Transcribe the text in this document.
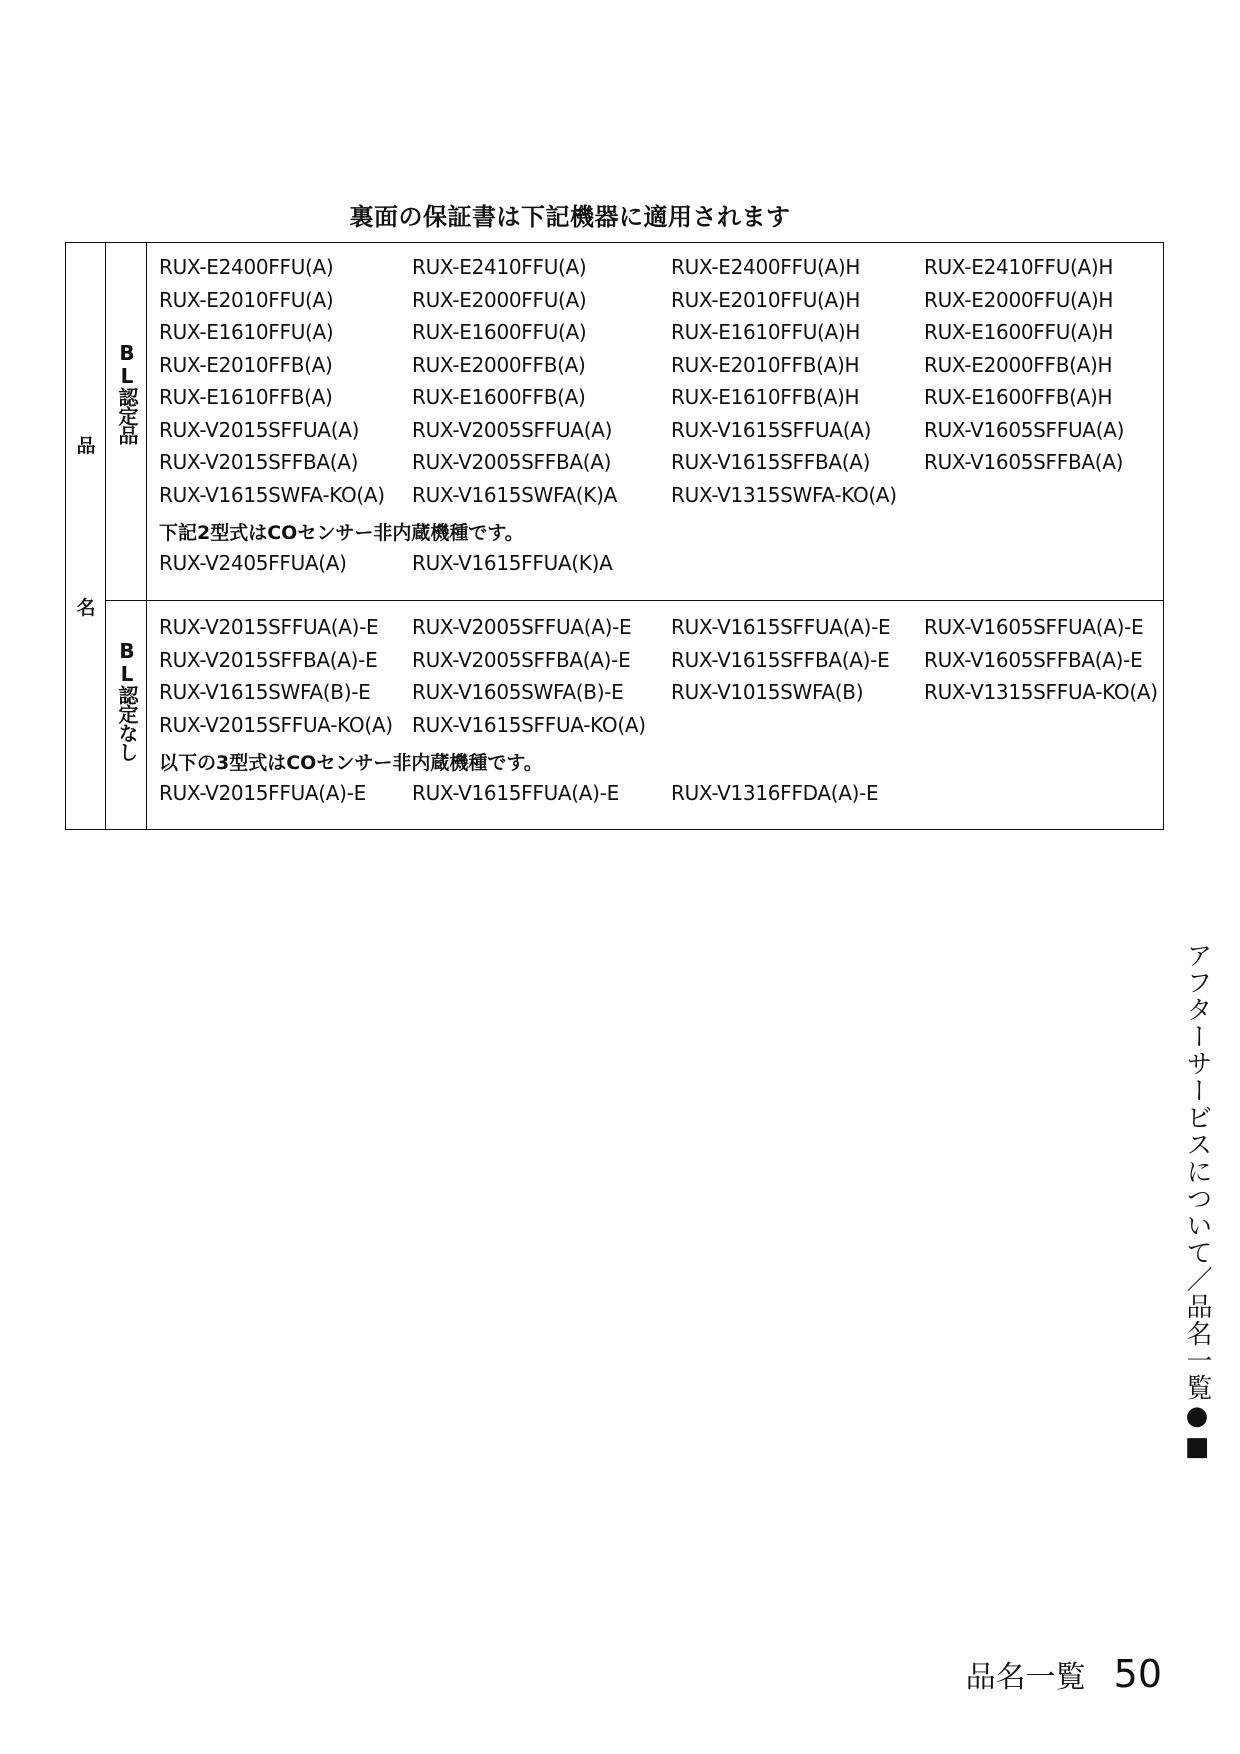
裏面の保証書は下記機器に適用されます
品
名
BL認定品
RUX-E2400FFU(A)	RUX-E2410FFU(A)	RUX-E2400FFU(A)H	RUX-E2410FFU(A)H
RUX-E2010FFU(A)	RUX-E2000FFU(A)	RUX-E2010FFU(A)H	RUX-E2000FFU(A)H
RUX-E1610FFU(A)	RUX-E1600FFU(A)	RUX-E1610FFU(A)H	RUX-E1600FFU(A)H
RUX-E2010FFB(A)	RUX-E2000FFB(A)	RUX-E2010FFB(A)H	RUX-E2000FFB(A)H
RUX-E1610FFB(A)	RUX-E1600FFB(A)	RUX-E1610FFB(A)H	RUX-E1600FFB(A)H
RUX-V2015SFFUA(A)	RUX-V2005SFFUA(A)	RUX-V1615SFFUA(A)	RUX-V1605SFFUA(A)
RUX-V2015SFFBA(A)	RUX-V2005SFFBA(A)	RUX-V1615SFFBA(A)	RUX-V1605SFFBA(A)
RUX-V1615SWFA-KO(A) RUX-V1615SWFA(K)A	RUX-V1315SWFA-KO(A)
下記2型式はCOセンサー非内蔵機種です。
RUX-V2405FFUA(A)	RUX-V1615FFUA(K)A
BL認定なし
RUX-V2015SFFUA(A)-E RUX-V2005SFFUA(A)-E RUX-V1615SFFUA(A)-E RUX-V1605SFFUA(A)-E
RUX-V2015SFFBA(A)-E RUX-V2005SFFBA(A)-E RUX-V1615SFFBA(A)-E RUX-V1605SFFBA(A)-E
RUX-V1615SWFA(B)-E RUX-V1605SWFA(B)-E RUX-V1015SWFA(B)	RUX-V1315SFFUA-KO(A)
RUX-V2015SFFUA-KO(A) RUX-V1615SFFUA-KO(A)
以下の3型式はCOセンサー非内蔵機種です。
RUX-V2015FFUA(A)-E RUX-V1615FFUA(A)-E	RUX-V1316FFDA(A)-E
アフターサービスについて／品名一覧●■
品名一覧 50
